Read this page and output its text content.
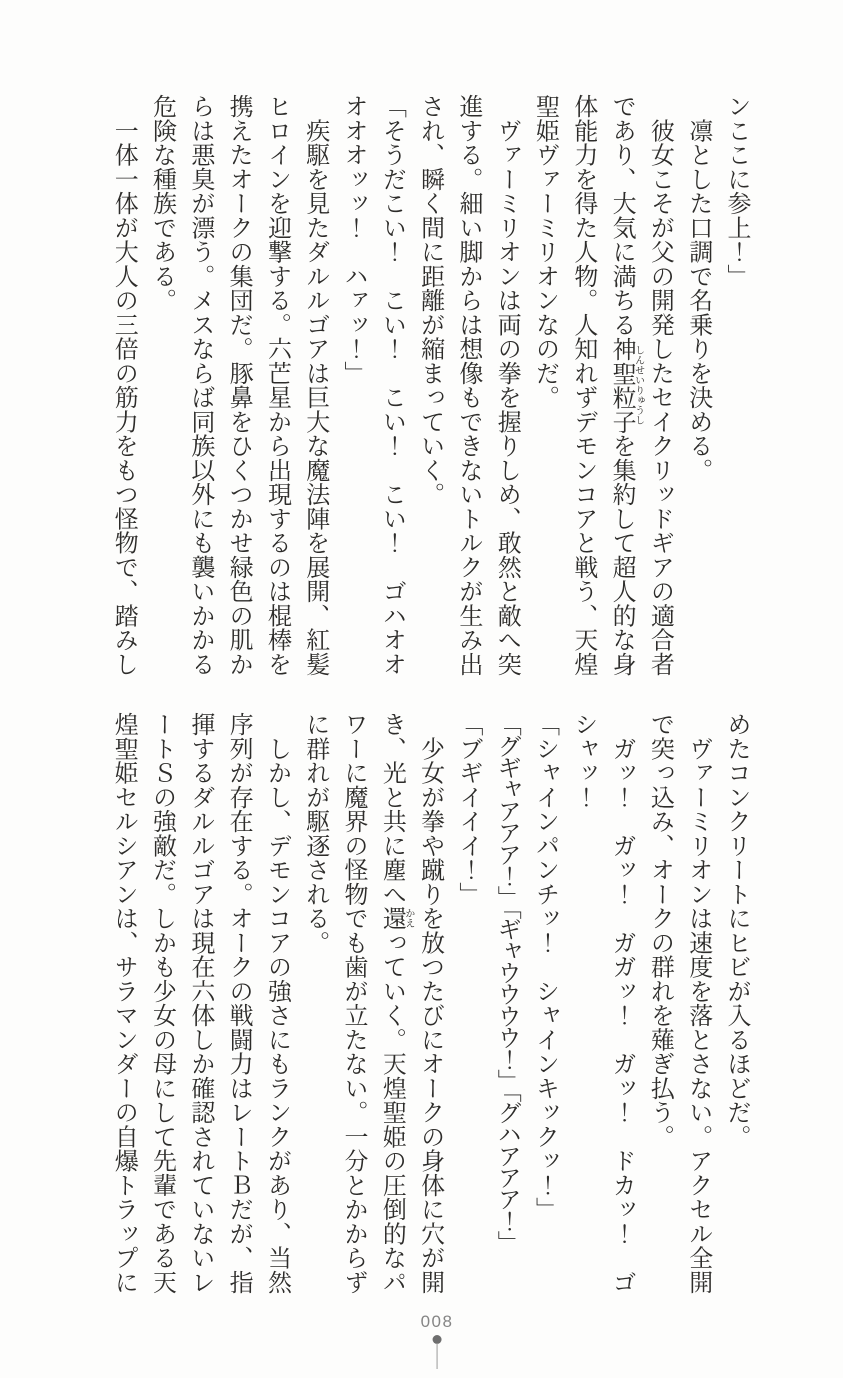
ンここに参上！」

　凛とした口調で名乗りを決める。

　彼女こそが父の開発したセイクリッドギアの適合者であり、大気に満ちる神聖粒子しんせいりゅうしを集約して超人的な身体能力を得た人物。人知れずデモンコアと戦う、天煌聖姫ヴァーミリオンなのだ。

　ヴァーミリオンは両の拳を握りしめ、敢然と敵へ突進する。細い脚からは想像もできないトルクが生み出され、瞬く間に距離が縮まっていく。

「そうだこい！　こい！　こい！　こい！　ゴハオオオオオッッ！　ハァッ！」

　疾駆を見たダルルゴアは巨大な魔法陣を展開、紅髪ヒロインを迎撃する。六芒星から出現するのは棍棒を携えたオークの集団だ。豚鼻をひくつかせ緑色の肌からは悪臭が漂う。メスならば同族以外にも襲いかかる危険な種族である。

　一体一体が大人の三倍の筋力をもつ怪物で、踏みし

めたコンクリートにヒビが入るほどだ。

　ヴァーミリオンは速度を落とさない。アクセル全開で突っ込み、オークの群れを薙ぎ払う。

　ガッ！　ガッ！　ガガッ！　ガッ！　ドカッ！　ゴシャッ！

「シャインパンチッ！　シャインキックッ！」

「グギャアアア！」「ギャウウウウ！」「グハアアア！」

「ブギイイイ！」

　少女が拳や蹴りを放つたびにオークの身体に穴が開き、光と共に塵へ還かえっていく。天煌聖姫の圧倒的なパワーに魔界の怪物でも歯が立たない。一分とかからずに群れが駆逐される。

　しかし、デモンコアの強さにもランクがあり、当然序列が存在する。オークの戦闘力はレートＢだが、指揮するダルルゴアは現在六体しか確認されていないレートＳの強敵だ。しかも少女の母にして先輩である天煌聖姫セルシアンは、サラマンダーの自爆トラップに

008
